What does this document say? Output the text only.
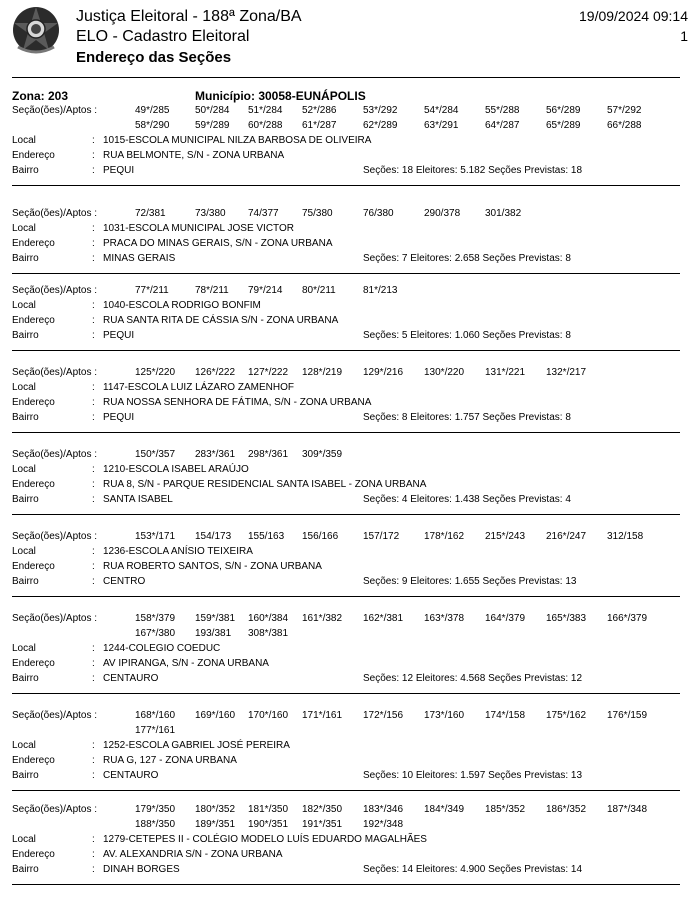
Justiça Eleitoral - 188ª Zona/BA
ELO - Cadastro Eleitoral
Endereço das Seções
19/09/2024 09:14
1
Zona: 203	Município: 30058-EUNÁPOLIS
Seção(ões)/Aptos :	49*/285	50*/284 51*/284 52*/286	53*/292	54*/284	55*/288	56*/289	57*/292
58*/290	59*/289 60*/288 61*/287	62*/289	63*/291	64*/287	65*/289	66*/288
Local	: 1015-ESCOLA MUNICIPAL NILZA BARBOSA DE OLIVEIRA
Endereço	: RUA BELMONTE, S/N - ZONA URBANA
Bairro	: PEQUI	Seções: 18 Eleitores: 5.182 Seções Previstas: 18
Seção(ões)/Aptos :	72/381	73/380 74/377 75/380	76/380	290/378 301/382
Local	: 1031-ESCOLA MUNICIPAL JOSE VICTOR
Endereço	: PRACA DO MINAS GERAIS, S/N - ZONA URBANA
Bairro	: MINAS GERAIS	Seções: 7 Eleitores: 2.658 Seções Previstas: 8
Seção(ões)/Aptos :	77*/211	78*/211 79*/214 80*/211	81*/213
Local	: 1040-ESCOLA RODRIGO BONFIM
Endereço	: RUA SANTA RITA DE CÁSSIA S/N - ZONA URBANA
Bairro	: PEQUI	Seções: 5 Eleitores: 1.060 Seções Previstas: 8
Seção(ões)/Aptos :	125*/220 126*/222 127*/222 128*/219 129*/216 130*/220 131*/221 132*/217
Local	: 1147-ESCOLA LUIZ LÁZARO ZAMENHOF
Endereço	: RUA NOSSA SENHORA DE FÁTIMA, S/N - ZONA URBANA
Bairro	: PEQUI	Seções: 8 Eleitores: 1.757 Seções Previstas: 8
Seção(ões)/Aptos :	150*/357 283*/361 298*/361 309*/359
Local	: 1210-ESCOLA ISABEL ARAÚJO
Endereço	: RUA 8, S/N - PARQUE RESIDENCIAL SANTA ISABEL - ZONA URBANA
Bairro	: SANTA ISABEL	Seções: 4 Eleitores: 1.438 Seções Previstas: 4
Seção(ões)/Aptos :	153*/171 154/173 155/163 156/166 157/172 178*/162 215*/243 216*/247 312/158
Local	: 1236-ESCOLA ANÍSIO TEIXEIRA
Endereço	: RUA ROBERTO SANTOS, S/N - ZONA URBANA
Bairro	: CENTRO	Seções: 9 Eleitores: 1.655 Seções Previstas: 13
Seção(ões)/Aptos :	158*/379 159*/381 160*/384 161*/382 162*/381 163*/378 164*/379 165*/383 166*/379
167*/380 193/381 308*/381
Local	: 1244-COLEGIO COEDUC
Endereço	: AV IPIRANGA, S/N - ZONA URBANA
Bairro	: CENTAURO	Seções: 12 Eleitores: 4.568 Seções Previstas: 12
Seção(ões)/Aptos :	168*/160 169*/160 170*/160 171*/161 172*/156 173*/160 174*/158 175*/162 176*/159
177*/161
Local	: 1252-ESCOLA GABRIEL JOSÉ PEREIRA
Endereço	: RUA G, 127 - ZONA URBANA
Bairro	: CENTAURO	Seções: 10 Eleitores: 1.597 Seções Previstas: 13
Seção(ões)/Aptos :	179*/350 180*/352 181*/350 182*/350 183*/346 184*/349 185*/352 186*/352 187*/348
188*/350 189*/351 190*/351 191*/351 192*/348
Local	: 1279-CETEPES II - COLÉGIO MODELO LUÍS EDUARDO MAGALHÃES
Endereço	: AV. ALEXANDRIA S/N - ZONA URBANA
Bairro	: DINAH BORGES	Seções: 14 Eleitores: 4.900 Seções Previstas: 14
